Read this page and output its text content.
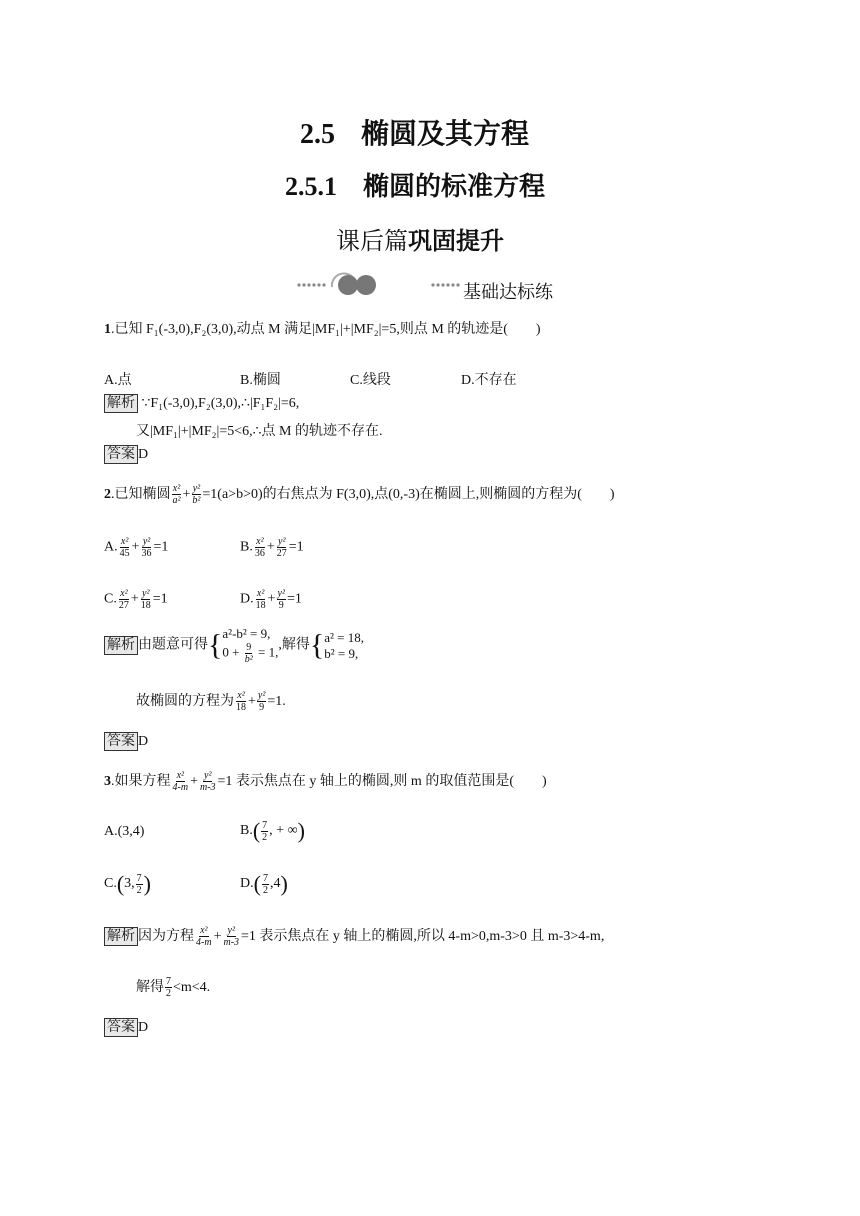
2.5 椭圆及其方程
2.5.1 椭圆的标准方程
课后篇巩固提升
基础达标练
1.已知 F₁(-3,0),F₂(3,0),动点 M 满足|MF₁|+|MF₂|=5,则点 M 的轨迹是(　　)
A.点	B.椭圆	C.线段	D.不存在
解析 ∵F₁(-3,0),F₂(3,0),∴|F₁F₂|=6,
又|MF₁|+|MF₂|=5<6,∴点 M 的轨迹不存在.
答案 D
2.已知椭圆 $\frac{\text{x²}}{\text{a²}} + \frac{\text{y²}}{\text{b²}} =1(a>b>0)$的右焦点为 F(3,0),点(0,-3)在椭圆上,则椭圆的方程为(　　)
A. $\frac{\text{x²}}{45} + \frac{\text{y²}}{36} =1$	B. $\frac{\text{x²}}{36} + \frac{\text{y²}}{27} =1$
C. $\frac{\text{x²}}{27} + \frac{\text{y²}}{18} =1$	D. $\frac{\text{x²}}{18} + \frac{\text{y²}}{9} =1$
解析 由题意可得{ a²-b² = 9,
$0 + \frac{9}{\text{b²}} = 1$, ,解得{ a² = 18,
b² = 9,
故椭圆的方程为 $\frac{\text{x²}}{18} + \frac{\text{y²}}{9} =1$.
答案 D
3.如果方程 $\frac{\text{x²}}{4-m} + \frac{\text{y²}}{m-3} =1$ 表示焦点在 y 轴上的椭圆,则 m 的取值范围是(　　)
A.(3,4)	$B.( \frac{7}{2}$ , + ∞)
C.(3, $\frac{7}{2}$ )	$D.( \frac{7}{2} ,4)$
解析 因为方程 $\frac{\text{x²}}{4-m} + \frac{\text{y²}}{m-3} =1$ 表示焦点在 y 轴上的椭圆,所以 4-m>0,m-3>0 且 m-3>4-m,
解得 $\frac{7}{2} <m<4$.
答案 D
